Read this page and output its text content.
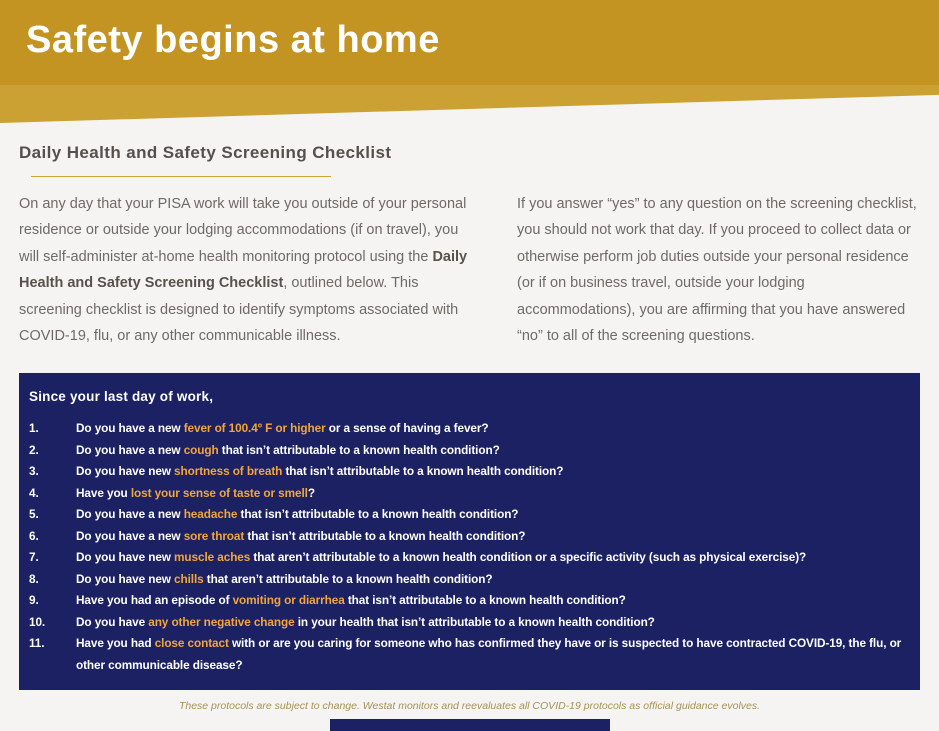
Safety begins at home
Daily Health and Safety Screening Checklist

On any day that your PISA work will take you outside of your personal residence or outside your lodging accommodations (if on travel), you will self-administer at-home health monitoring protocol using the Daily Health and Safety Screening Checklist, outlined below. This screening checklist is designed to identify symptoms associated with COVID-19, flu, or any other communicable illness.

If you answer “yes” to any question on the screening checklist, you should not work that day. If you proceed to collect data or otherwise perform job duties outside your personal residence (or if on business travel, outside your lodging accommodations), you are affirming that you have answered “no” to all of the screening questions.

Since your last day of work,
1.	Do you have a new fever of 100.4º F or higher or a sense of having a fever?
2.	Do you have a new cough that isn’t attributable to a known health condition?
3.	Do you have new shortness of breath that isn’t attributable to a known health condition?
4.	Have you lost your sense of taste or smell?
5.	Do you have a new headache that isn’t attributable to a known health condition?
6.	Do you have a new sore throat that isn’t attributable to a known health condition?
7.	Do you have new muscle aches that aren’t attributable to a known health condition or a specific activity (such as physical exercise)?
8.	Do you have new chills that aren’t attributable to a known health condition?
9.	Have you had an episode of vomiting or diarrhea that isn’t attributable to a known health condition?
10.	Do you have any other negative change in your health that isn’t attributable to a known health condition?
11.	Have you had close contact with or are you caring for someone who has confirmed they have or is suspected to have contracted COVID-19, the flu, or other communicable disease?

These protocols are subject to change. Westat monitors and reevaluates all COVID-19 protocols as official guidance evolves.
